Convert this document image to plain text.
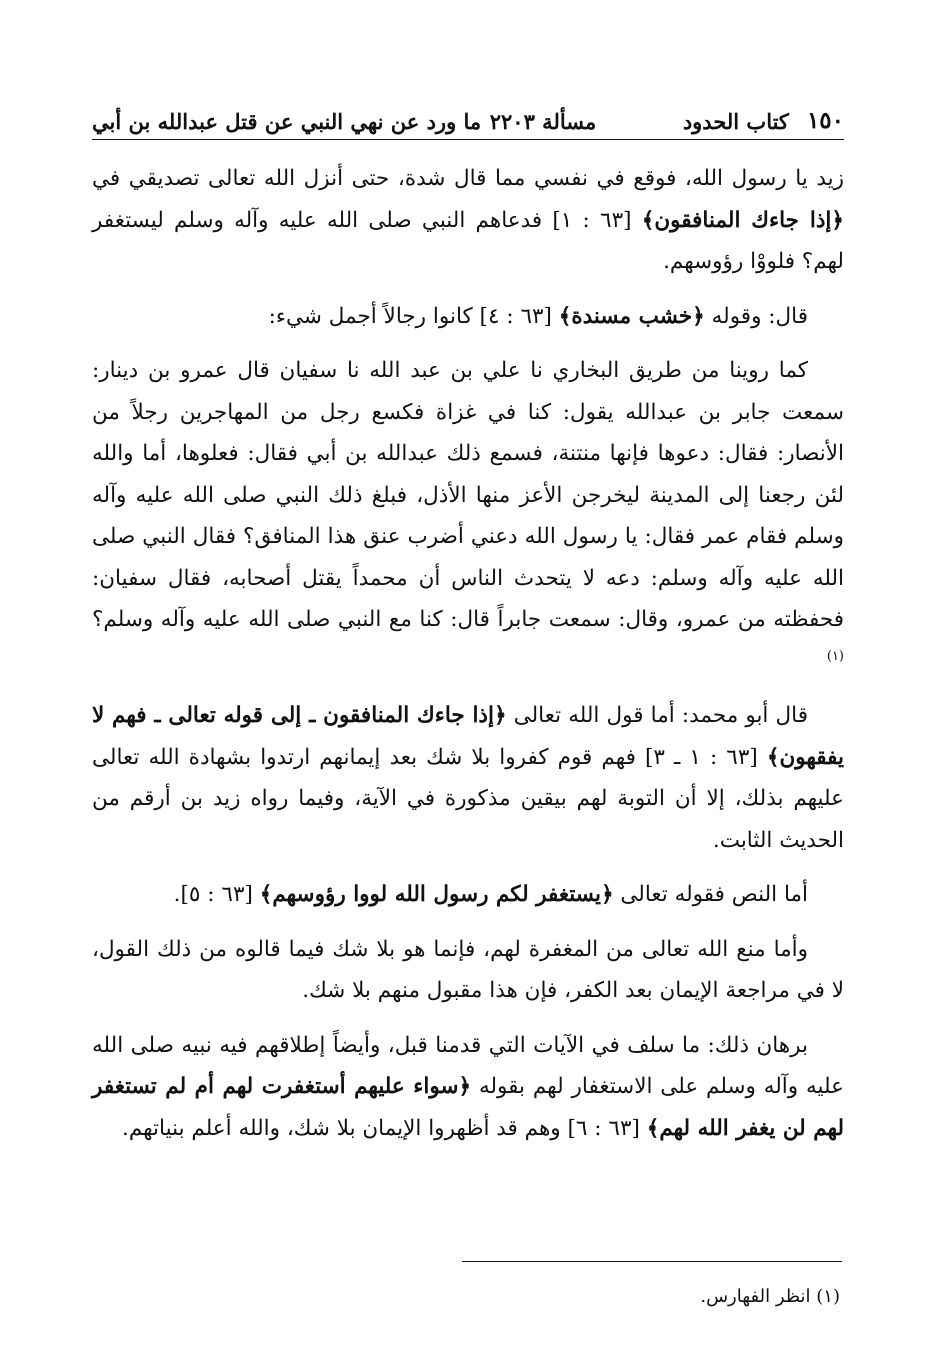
١٥٠
كتاب الحدود
مسألة ٢٢٠٣
ما ورد عن نهي النبي عن قتل عبدالله بن أبي

زيد يا رسول الله، فوقع في نفسي مما قال شدة، حتى أنزل الله تعالى تصديقي في ﴿إذا جاءك المنافقون﴾ [٦٣ : ١] فدعاهم النبي صلى الله عليه وآله وسلم ليستغفر لهم؟ فلووْا رؤوسهم.

قال: وقوله ﴿خشب مسندة﴾ [٦٣ : ٤] كانوا رجالاً أجمل شيء:

كما روينا من طريق البخاري نا علي بن عبد الله نا سفيان قال عمرو بن دينار: سمعت جابر بن عبدالله يقول: كنا في غزاة فكسع رجل من المهاجرين رجلاً من الأنصار: فقال: دعوها فإنها منتنة، فسمع ذلك عبدالله بن أبي فقال: فعلوها، أما والله لئن رجعنا إلى المدينة ليخرجن الأعز منها الأذل، فبلغ ذلك النبي صلى الله عليه وآله وسلم فقام عمر فقال: يا رسول الله دعني أضرب عنق هذا المنافق؟ فقال النبي صلى الله عليه وآله وسلم: دعه لا يتحدث الناس أن محمداً يقتل أصحابه، فقال سفيان: فحفظته من عمرو، وقال: سمعت جابراً قال: كنا مع النبي صلى الله عليه وآله وسلم؟$^{(١)}$

قال أبو محمد: أما قول الله تعالى ﴿إذا جاءك المنافقون ـ إلى قوله تعالى ـ فهم لا يفقهون﴾ [٦٣ : ١ ـ ٣] فهم قوم كفروا بلا شك بعد إيمانهم ارتدوا بشهادة الله تعالى عليهم بذلك، إلا أن التوبة لهم بيقين مذكورة في الآية، وفيما رواه زيد بن أرقم من الحديث الثابت.

أما النص فقوله تعالى ﴿يستغفر لكم رسول الله لووا رؤوسهم﴾ [٦٣ : ٥].

وأما منع الله تعالى من المغفرة لهم، فإنما هو بلا شك فيما قالوه من ذلك القول، لا في مراجعة الإيمان بعد الكفر، فإن هذا مقبول منهم بلا شك.

برهان ذلك: ما سلف في الآيات التي قدمنا قبل، وأيضاً إطلاقهم فيه نبيه صلى الله عليه وآله وسلم على الاستغفار لهم بقوله ﴿سواء عليهم أستغفرت لهم أم لم تستغفر لهم لن يغفر الله لهم﴾ [٦٣ : ٦] وهم قد أظهروا الإيمان بلا شك، والله أعلم بنياتهم.

(١) انظر الفهارس.
